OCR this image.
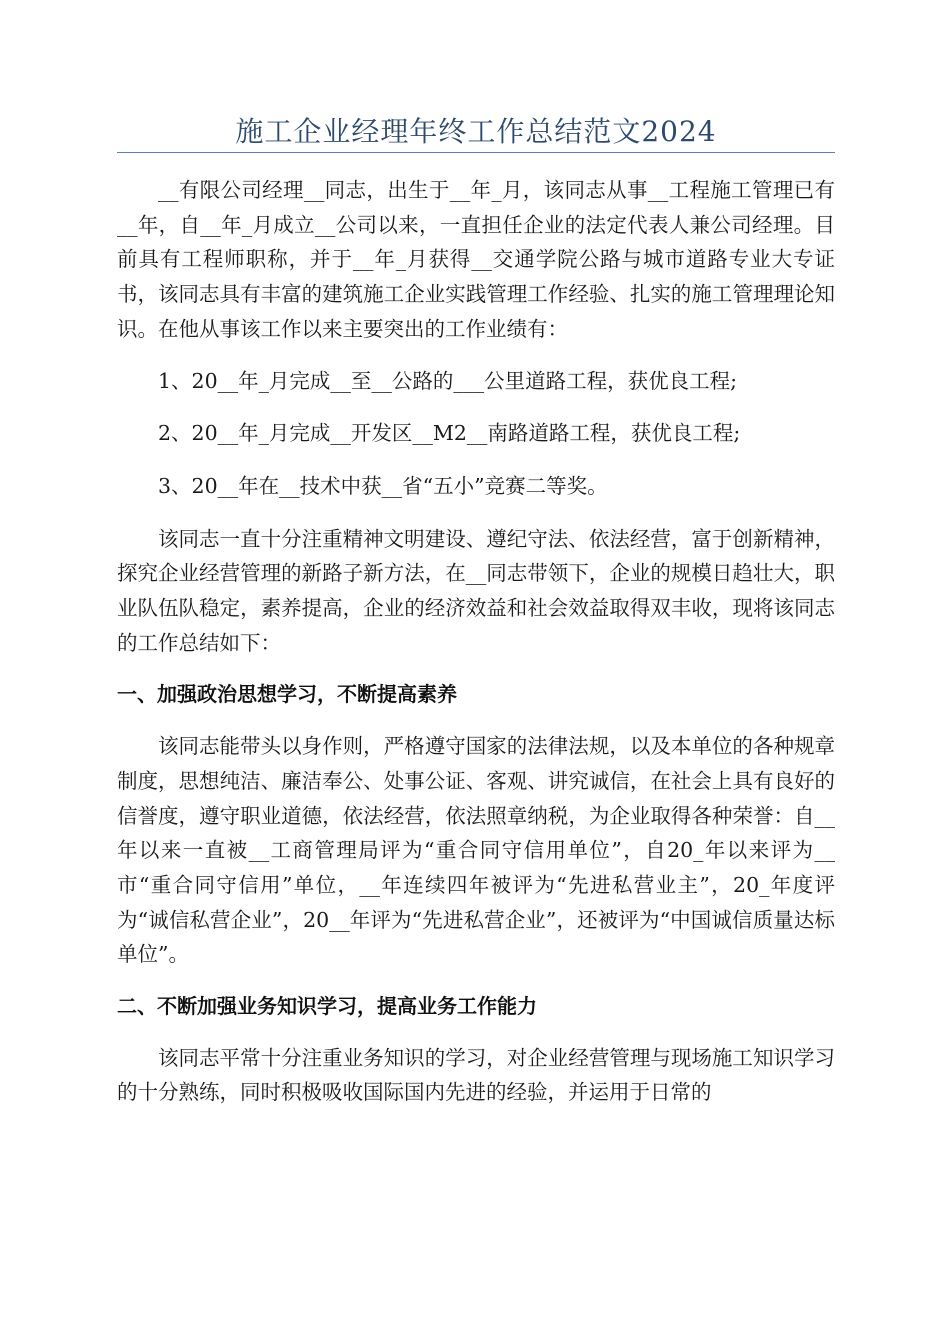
施工企业经理年终工作总结范文2024

__有限公司经理__同志，出生于__年_月，该同志从事__工程施工管理已有__年，自__年_月成立__公司以来，一直担任企业的法定代表人兼公司经理。目前具有工程师职称，并于__年_月获得__交通学院公路与城市道路专业大专证书，该同志具有丰富的建筑施工企业实践管理工作经验、扎实的施工管理理论知识。在他从事该工作以来主要突出的工作业绩有：

1、20__年_月完成__至__公路的___公里道路工程，获优良工程;

2、20__年_月完成__开发区__M2__南路道路工程，获优良工程;

3、20__年在__技术中获__省“五小”竞赛二等奖。

该同志一直十分注重精神文明建设、遵纪守法、依法经营，富于创新精神，探究企业经营管理的新路子新方法，在__同志带领下，企业的规模日趋壮大，职业队伍队稳定，素养提高，企业的经济效益和社会效益取得双丰收，现将该同志的工作总结如下：

一、加强政治思想学习，不断提高素养

该同志能带头以身作则，严格遵守国家的法律法规，以及本单位的各种规章制度，思想纯洁、廉洁奉公、处事公证、客观、讲究诚信，在社会上具有良好的信誉度，遵守职业道德，依法经营，依法照章纳税，为企业取得各种荣誉：自__年以来一直被__工商管理局评为“重合同守信用单位”，自20_年以来评为__市“重合同守信用”单位，__年连续四年被评为“先进私营业主”，20_年度评为“诚信私营企业”，20__年评为“先进私营企业”，还被评为“中国诚信质量达标单位”。

二、不断加强业务知识学习，提高业务工作能力

该同志平常十分注重业务知识的学习，对企业经营管理与现场施工知识学习的十分熟练，同时积极吸收国际国内先进的经验，并运用于日常的
